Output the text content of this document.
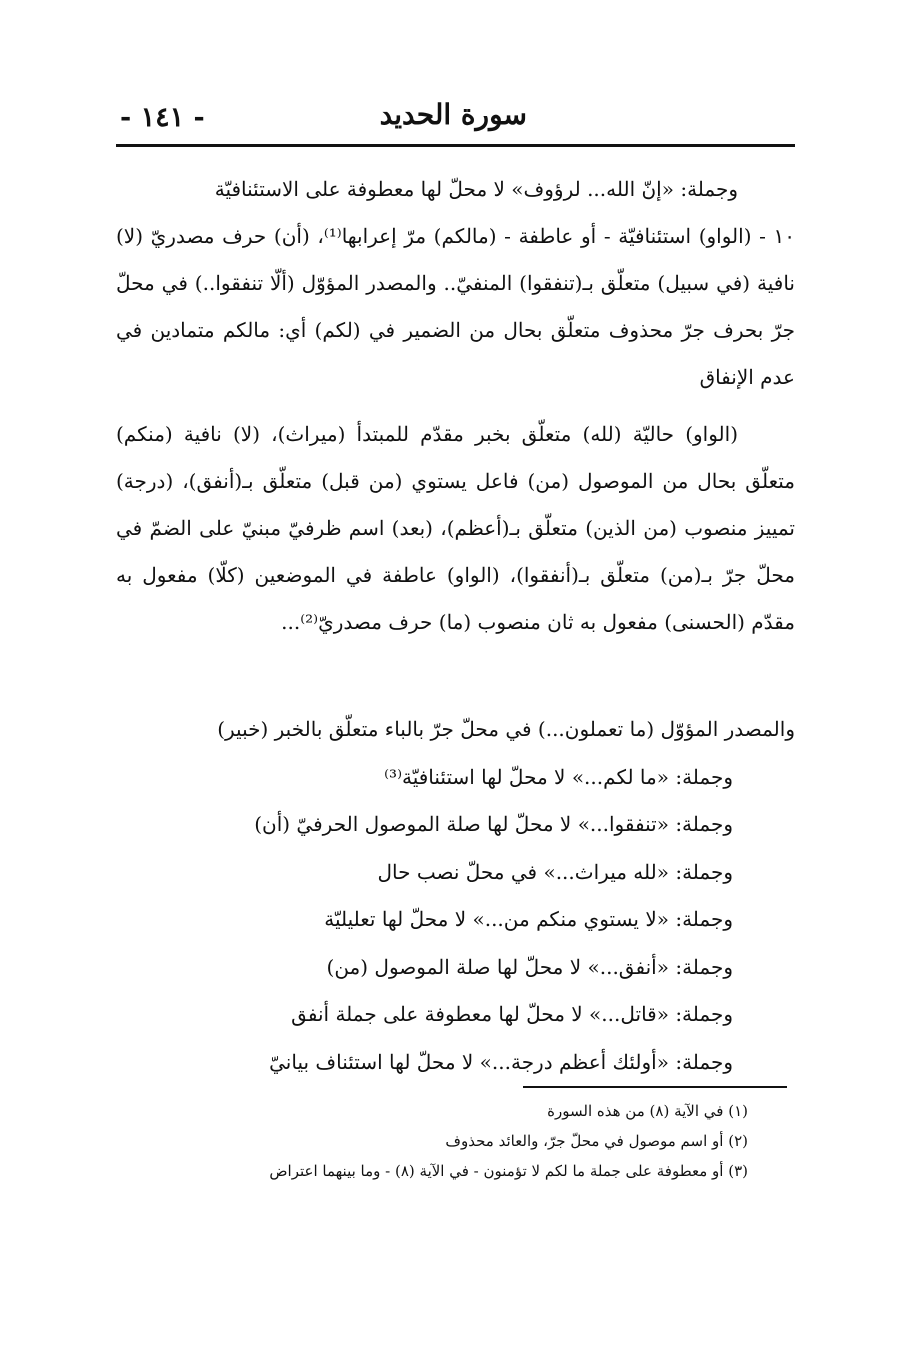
سورة الحديد
- ١٤١ -

وجملة: «إنّ الله... لرؤوف» لا محلّ لها معطوفة على الاستئنافيّة

١٠ - (الواو) استئنافيّة - أو عاطفة - (مالكم) مرّ إعرابها⁽¹⁾، (أن) حرف مصدريّ (لا) نافية (في سبيل) متعلّق بـ(تنفقوا) المنفيّ.. والمصدر المؤوّل (ألّا تنفقوا..) في محلّ جرّ بحرف جرّ محذوف متعلّق بحال من الضمير في (لكم) أي: مالكم متمادين في عدم الإنفاق

(الواو) حاليّة (لله) متعلّق بخبر مقدّم للمبتدأ (ميراث)، (لا) نافية (منكم) متعلّق بحال من الموصول (من) فاعل يستوي (من قبل) متعلّق بـ(أنفق)، (درجة) تمييز منصوب (من الذين) متعلّق بـ(أعظم)، (بعد) اسم ظرفيّ مبنيّ على الضمّ في محلّ جرّ بـ(من) متعلّق بـ(أنفقوا)، (الواو) عاطفة في الموضعين (كلّا) مفعول به مقدّم (الحسنى) مفعول به ثان منصوب (ما) حرف مصدريّ⁽²⁾...

والمصدر المؤوّل (ما تعملون...) في محلّ جرّ بالباء متعلّق بالخبر (خبير)
وجملة: «ما لكم...» لا محلّ لها استئنافيّة⁽³⁾
وجملة: «تنفقوا...» لا محلّ لها صلة الموصول الحرفيّ (أن)
وجملة: «لله ميراث...» في محلّ نصب حال
وجملة: «لا يستوي منكم من...» لا محلّ لها تعليليّة
وجملة: «أنفق...» لا محلّ لها صلة الموصول (من)
وجملة: «قاتل...» لا محلّ لها معطوفة على جملة أنفق
وجملة: «أولئك أعظم درجة...» لا محلّ لها استئناف بيانيّ
(١) في الآية (٨) من هذه السورة
(٢) أو اسم موصول في محلّ جرّ، والعائد محذوف
(٣) أو معطوفة على جملة ما لكم لا تؤمنون - في الآية (٨) - وما بينهما اعتراض
